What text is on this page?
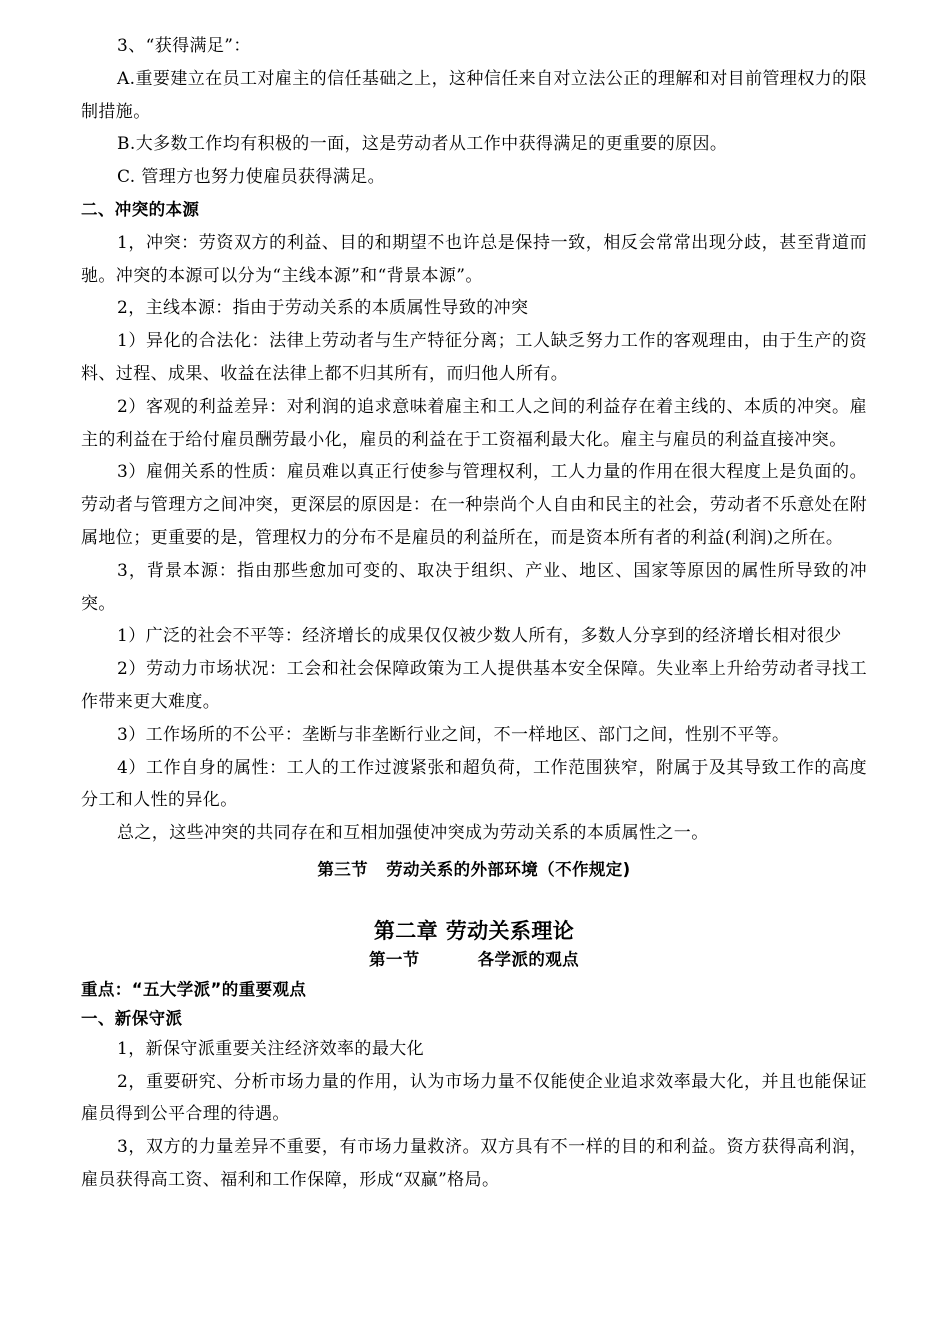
3、“获得满足”：

A.重要建立在员工对雇主的信任基础之上，这种信任来自对立法公正的理解和对目前管理权力的限制措施。

B.大多数工作均有积极的一面，这是劳动者从工作中获得满足的更重要的原因。

C. 管理方也努力使雇员获得满足。

二、冲突的本源

1，冲突：劳资双方的利益、目的和期望不也许总是保持一致，相反会常常出现分歧，甚至背道而驰。冲突的本源可以分为“主线本源”和“背景本源”。

2，主线本源：指由于劳动关系的本质属性导致的冲突

1）异化的合法化：法律上劳动者与生产特征分离；工人缺乏努力工作的客观理由，由于生产的资料、过程、成果、收益在法律上都不归其所有，而归他人所有。

2）客观的利益差异：对利润的追求意味着雇主和工人之间的利益存在着主线的、本质的冲突。雇主的利益在于给付雇员酬劳最小化，雇员的利益在于工资福利最大化。雇主与雇员的利益直接冲突。

3）雇佣关系的性质：雇员难以真正行使参与管理权利，工人力量的作用在很大程度上是负面的。劳动者与管理方之间冲突，更深层的原因是：在一种崇尚个人自由和民主的社会，劳动者不乐意处在附属地位；更重要的是，管理权力的分布不是雇员的利益所在，而是资本所有者的利益(利润)之所在。

3，背景本源：指由那些愈加可变的、取决于组织、产业、地区、国家等原因的属性所导致的冲突。

1）广泛的社会不平等：经济增长的成果仅仅被少数人所有，多数人分享到的经济增长相对很少

2）劳动力市场状况：工会和社会保障政策为工人提供基本安全保障。失业率上升给劳动者寻找工作带来更大难度。

3）工作场所的不公平：垄断与非垄断行业之间，不一样地区、部门之间，性别不平等。

4）工作自身的属性：工人的工作过渡紧张和超负荷，工作范围狭窄，附属于及其导致工作的高度分工和人性的异化。

总之，这些冲突的共同存在和互相加强使冲突成为劳动关系的本质属性之一。

第三节 劳动关系的外部环境（不作规定)
第二章 劳动关系理论
第一节	各学派的观点
重点：“五大学派”的重要观点
一、新保守派

1，新保守派重要关注经济效率的最大化

2，重要研究、分析市场力量的作用，认为市场力量不仅能使企业追求效率最大化，并且也能保证雇员得到公平合理的待遇。

3，双方的力量差异不重要，有市场力量救济。双方具有不一样的目的和利益。资方获得高利润，雇员获得高工资、福利和工作保障，形成“双赢”格局。
